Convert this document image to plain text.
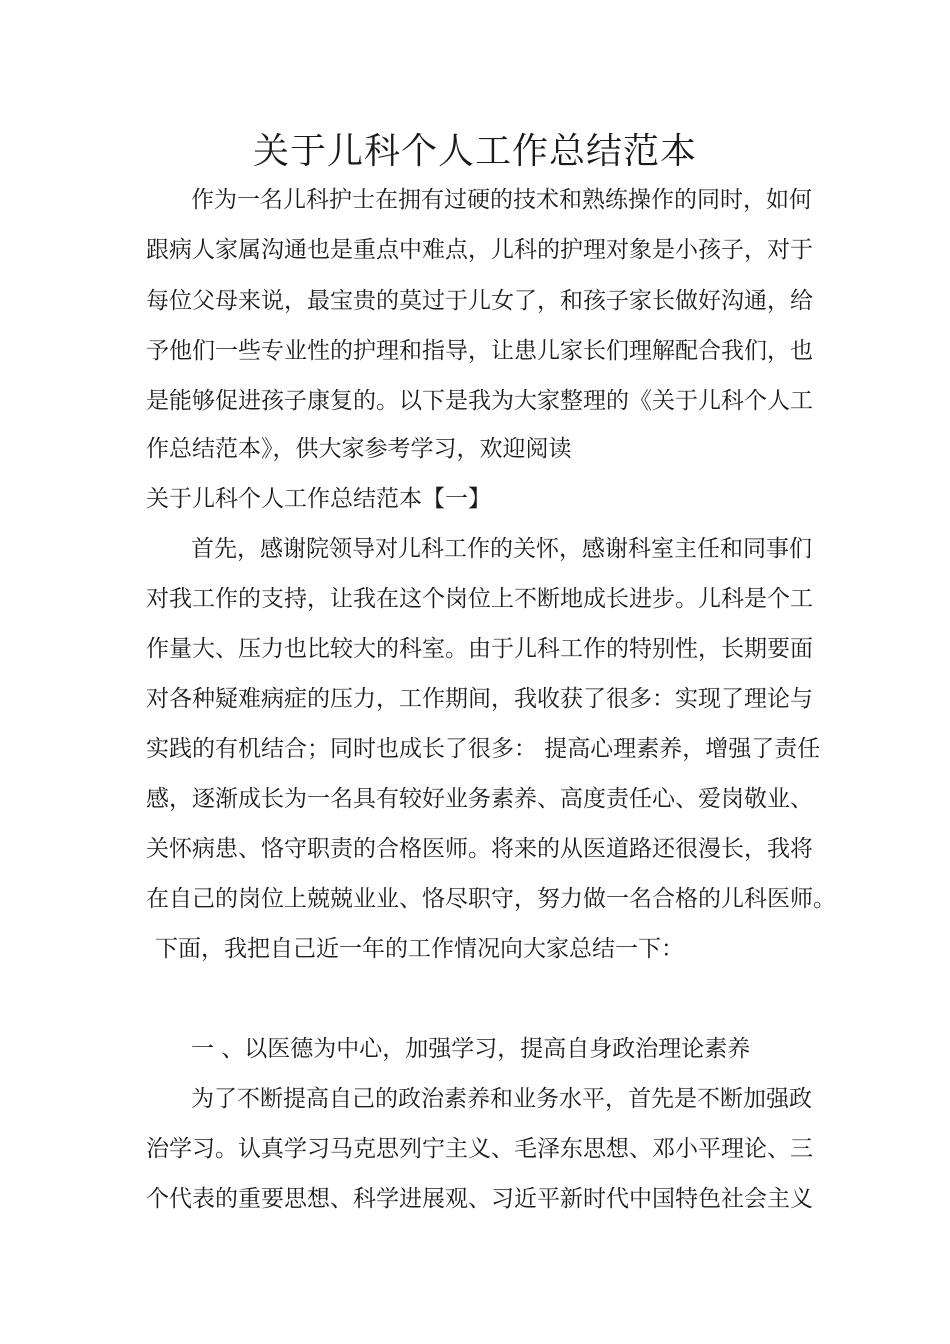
关于儿科个人工作总结范本

作为一名儿科护士在拥有过硬的技术和熟练操作的同时，如何

跟病人家属沟通也是重点中难点，儿科的护理对象是小孩子，对于

每位父母来说，最宝贵的莫过于儿女了，和孩子家长做好沟通，给

予他们一些专业性的护理和指导，让患儿家长们理解配合我们，也

是能够促进孩子康复的。以下是我为大家整理的《关于儿科个人工

作总结范本》，供大家参考学习，欢迎阅读

关于儿科个人工作总结范本【一】

首先，感谢院领导对儿科工作的关怀，感谢科室主任和同事们

对我工作的支持，让我在这个岗位上不断地成长进步。儿科是个工

作量大、压力也比较大的科室。由于儿科工作的特别性，长期要面

对各种疑难病症的压力，工作期间，我收获了很多：实现了理论与

实践的有机结合；同时也成长了很多： 提高心理素养，增强了责任

感，逐渐成长为一名具有较好业务素养、高度责任心、爱岗敬业、

关怀病患、恪守职责的合格医师。将来的从医道路还很漫长，我将

在自己的岗位上兢兢业业、恪尽职守，努力做一名合格的儿科医师。

下面，我把自己近一年的工作情况向大家总结一下：

一 、以医德为中心，加强学习，提高自身政治理论素养

为了不断提高自己的政治素养和业务水平，首先是不断加强政

治学习。认真学习马克思列宁主义、毛泽东思想、邓小平理论、三

个代表的重要思想、科学进展观、习近平新时代中国特色社会主义
